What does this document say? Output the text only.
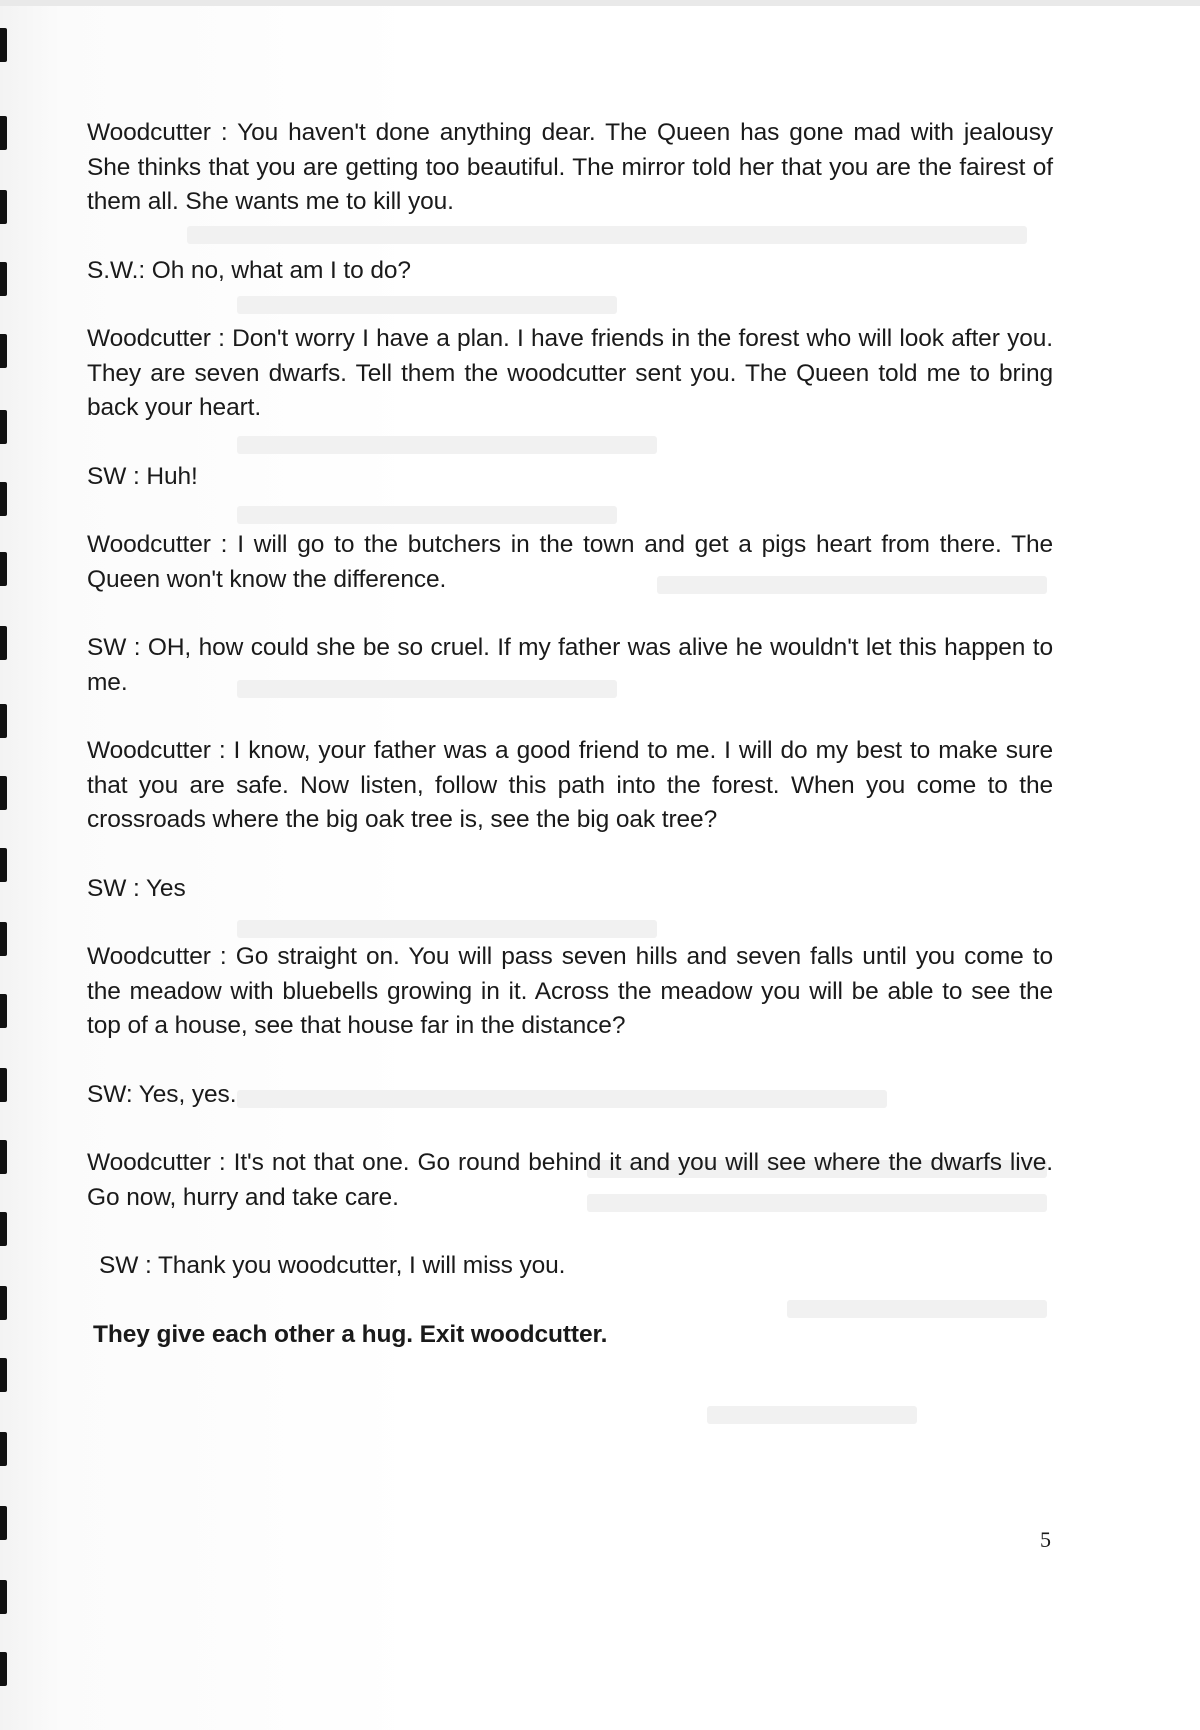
Woodcutter : You haven't done anything dear. The Queen has gone mad with jealousy She thinks that you are getting too beautiful. The mirror told her that you are the fairest of them all. She wants me to kill you.

S.W.: Oh no, what am I to do?

Woodcutter : Don't worry I have a plan. I have friends in the forest who will look after you. They are seven dwarfs. Tell them the woodcutter sent you. The Queen told me to bring back your heart.

SW : Huh!

Woodcutter : I will go to the butchers in the town and get a pigs heart from there. The Queen won't know the difference.

SW : OH, how could she be so cruel. If my father was alive he wouldn't let this happen to me.

Woodcutter : I know, your father was a good friend to me. I will do my best to make sure that you are safe. Now listen, follow this path into the forest. When you come to the crossroads where the big oak tree is, see the big oak tree?

SW : Yes

Woodcutter : Go straight on. You will pass seven hills and seven falls until you come to the meadow with bluebells growing in it. Across the meadow you will be able to see the top of a house, see that house far in the distance?

SW: Yes, yes.

Woodcutter : It's not that one. Go round behind it and you will see where the dwarfs live. Go now, hurry and take care.

SW : Thank you woodcutter, I will miss you.

They give each other a hug. Exit woodcutter.

5
